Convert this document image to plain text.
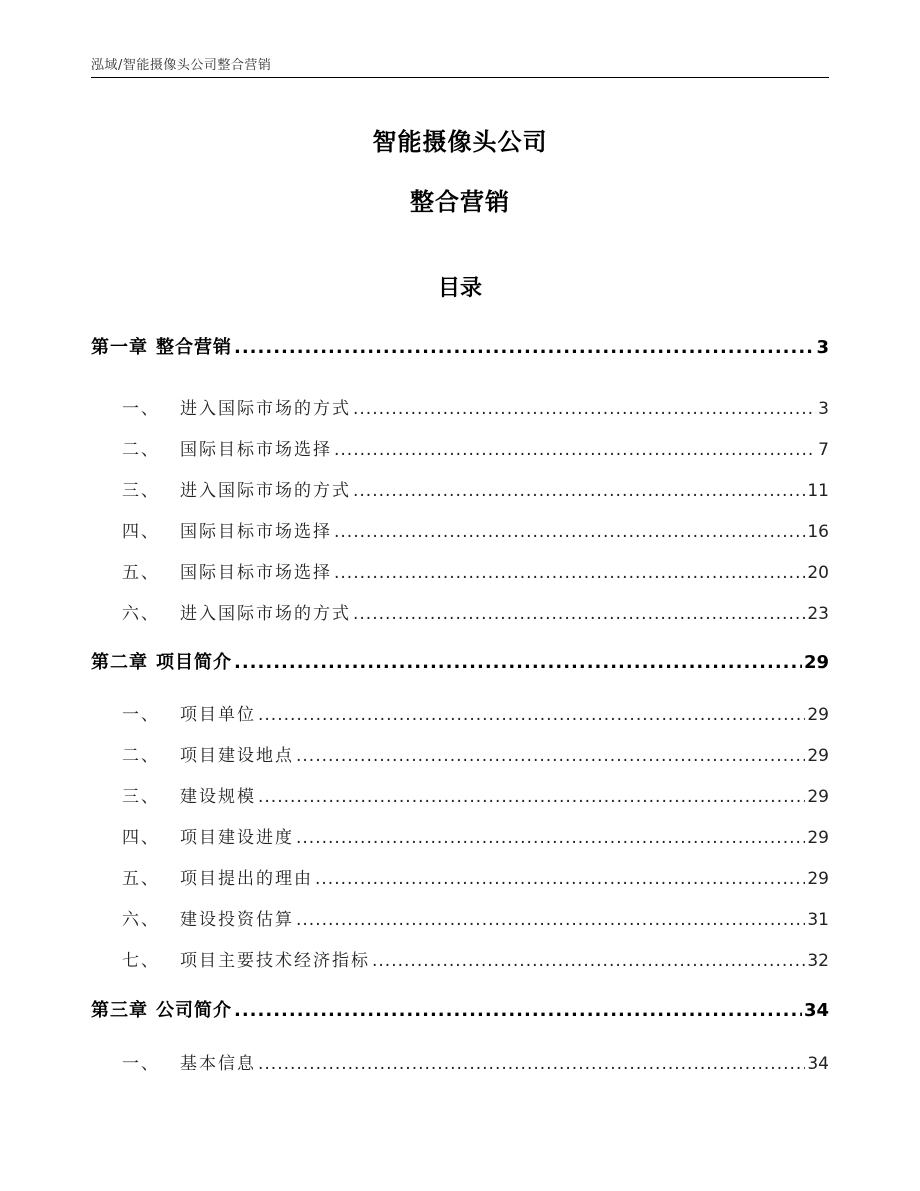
泓域/智能摄像头公司整合营销
智能摄像头公司
整合营销
目录
第一章 整合营销 .....	3
一、 进入国际市场的方式 .....	3
二、 国际目标市场选择 .....	7
三、 进入国际市场的方式 .....	11
四、 国际目标市场选择 .....	16
五、 国际目标市场选择 .....	20
六、 进入国际市场的方式 .....	23
第二章 项目简介 .....	29
一、 项目单位 .....	29
二、 项目建设地点 .....	29
三、 建设规模 .....	29
四、 项目建设进度 .....	29
五、 项目提出的理由 .....	29
六、 建设投资估算 .....	31
七、 项目主要技术经济指标 .....	32
第三章 公司简介 .....	34
一、 基本信息 .....	34
